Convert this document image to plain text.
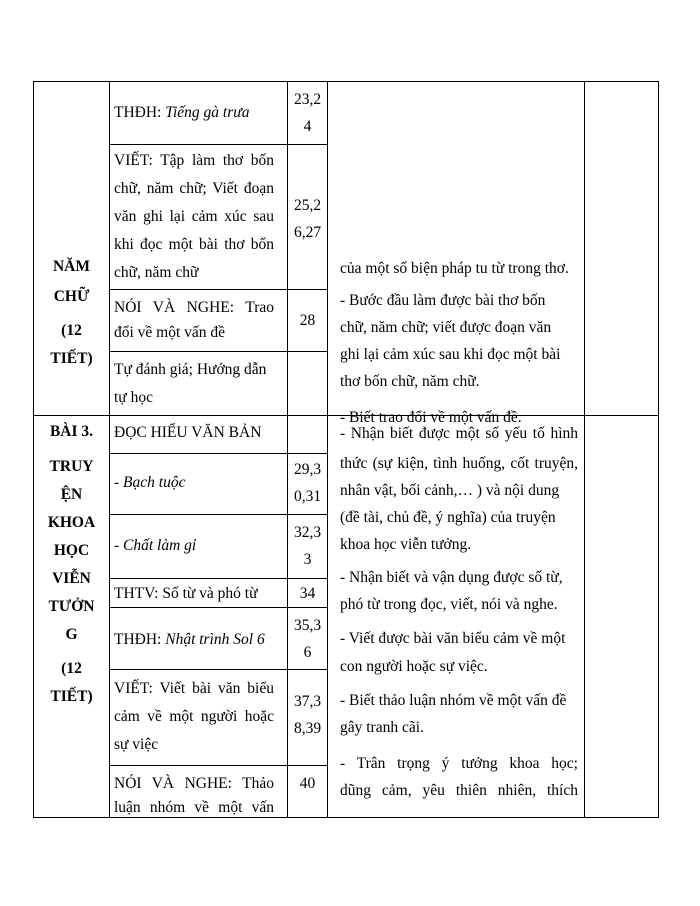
NĂM
CHỮ
(12
TIẾT)
THĐH: Tiếng gà trưa
23,2
4
VIẾT: Tập làm thơ bốn
chữ, năm chữ; Viết đoạn
văn ghi lại cảm xúc sau
khi đọc một bài thơ bốn
chữ, năm chữ
25,2
6,27
NÓI VÀ NGHE: Trao
đổi về một vấn đề
28
Tự đánh giá; Hướng dẫn
tự học
của một số biện pháp tu từ trong thơ.
- Bước đầu làm được bài thơ bốn
chữ, năm chữ; viết được đoạn văn
ghi lại cảm xúc sau khi đọc một bài
thơ bốn chữ, năm chữ.
- Biết trao đổi về một vấn đề.
BÀI 3.
TRUY
ỆN
KHOA
HỌC
VIỄN
TƯỞN
G
(12
TIẾT)
ĐỌC HIỂU VĂN BẢN
- Bạch tuộc
29,3
0,31
- Chất làm gỉ
32,3
3
THTV: Số từ và phó từ	34
THĐH: Nhật trình Sol 6
35,3
6
VIẾT: Viết bài văn biểu
cảm về một người hoặc
sự việc
37,3
8,39
NÓI VÀ NGHE: Thảo
luận nhóm về một vấn
40
- Nhận biết được một số yếu tố hình
thức (sự kiện, tình huống, cốt truyện,
nhân vật, bối cảnh,… ) và nội dung
(đề tài, chủ đề, ý nghĩa) của truyện
khoa học viễn tưởng.
- Nhận biết và vận dụng được số từ,
phó từ trong đọc, viết, nói và nghe.
- Viết được bài văn biểu cảm về một
con người hoặc sự việc.
- Biết thảo luận nhóm về một vấn đề
gây tranh cãi.
- Trân trọng ý tưởng khoa học;
dũng cảm, yêu thiên nhiên, thích
